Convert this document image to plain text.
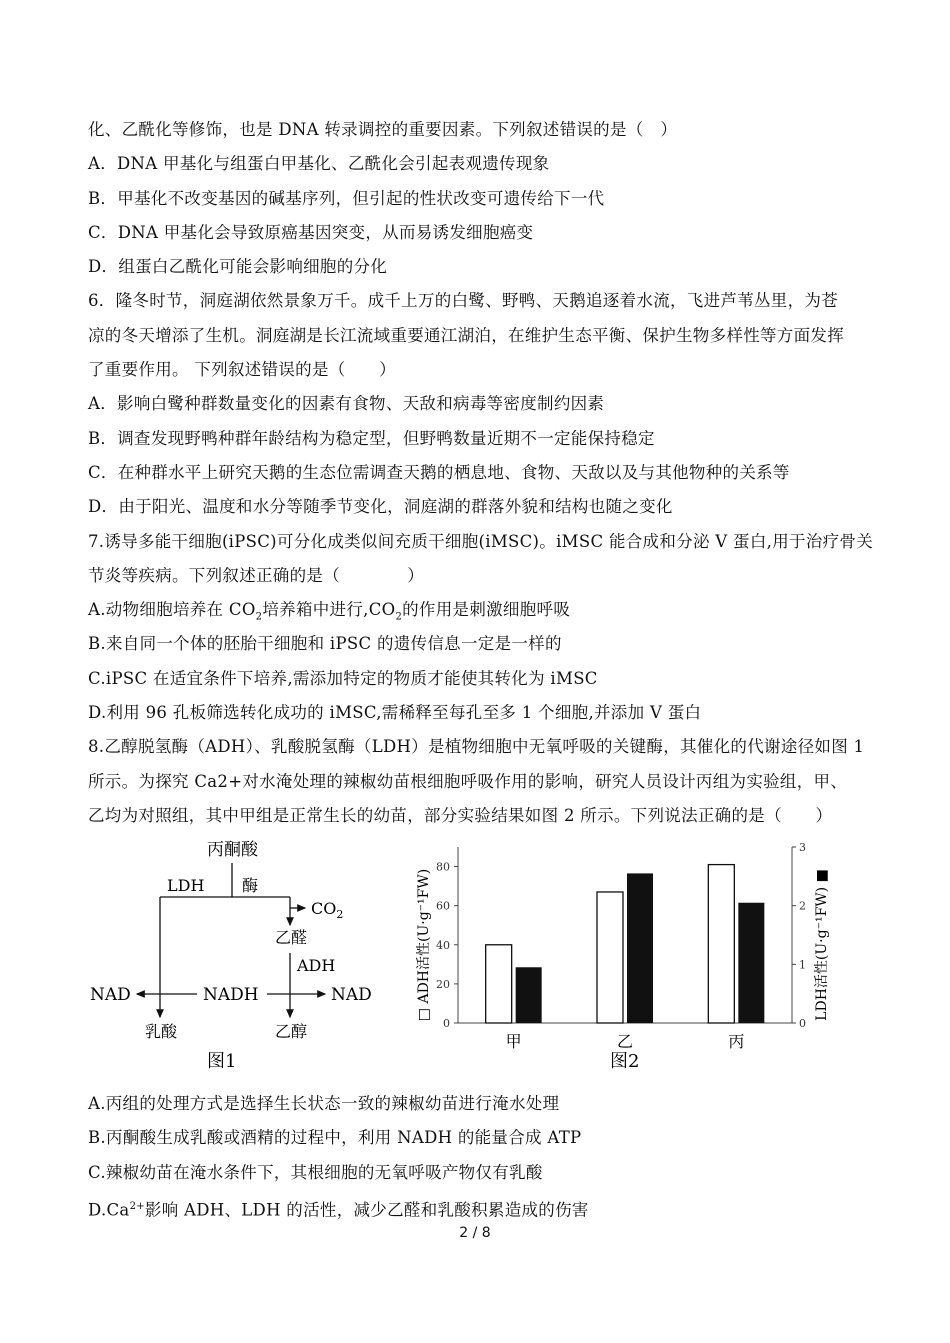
化、乙酰化等修饰，也是 DNA 转录调控的重要因素。下列叙述错误的是（　）
A．DNA 甲基化与组蛋白甲基化、乙酰化会引起表观遗传现象
B．甲基化不改变基因的碱基序列，但引起的性状改变可遗传给下一代
C．DNA 甲基化会导致原癌基因突变，从而易诱发细胞癌变
D．组蛋白乙酰化可能会影响细胞的分化
6．隆冬时节，洞庭湖依然景象万千。成千上万的白鹭、野鸭、天鹅追逐着水流，飞进芦苇丛里，为苍
凉的冬天增添了生机。洞庭湖是长江流域重要通江湖泊，在维护生态平衡、保护生物多样性等方面发挥
了重要作用。 下列叙述错误的是（　　）
A．影响白鹭种群数量变化的因素有食物、天敌和病毒等密度制约因素
B．调查发现野鸭种群年龄结构为稳定型，但野鸭数量近期不一定能保持稳定
C．在种群水平上研究天鹅的生态位需调查天鹅的栖息地、食物、天敌以及与其他物种的关系等
D．由于阳光、温度和水分等随季节变化，洞庭湖的群落外貌和结构也随之变化
7.诱导多能干细胞(iPSC)可分化成类似间充质干细胞(iMSC)。iMSC 能合成和分泌 V 蛋白,用于治疗骨关
节炎等疾病。下列叙述正确的是（　　　　）
A.动物细胞培养在 $CO_2$培养箱中进行$,CO_2$的作用是刺激细胞呼吸
B.来自同一个体的胚胎干细胞和 iPSC 的遗传信息一定是一样的
C.iPSC 在适宜条件下培养,需添加特定的物质才能使其转化为 iMSC
D.利用 96 孔板筛选转化成功的 iMSC,需稀释至每孔至多 1 个细胞,并添加 V 蛋白
8.乙醇脱氢酶（ADH）、乳酸脱氢酶（LDH）是植物细胞中无氧呼吸的关键酶，其催化的代谢途径如图 1
所示。为探究 Ca2+对水淹处理的辣椒幼苗根细胞呼吸作用的影响，研究人员设计丙组为实验组，甲、
乙均为对照组，其中甲组是正常生长的幼苗，部分实验结果如图 2 所示。下列说法正确的是（　　）
丙酮酸
LDH 酶
$CO_2$
乙醛
ADH
NAD	NADH	NAD
乳酸	乙醇
图1
□ ADH活性(U·g⁻¹FW)	LDH活性(U·g⁻¹FW) ■
图2
0
20
40
60
80
0
1
2
3
甲	乙	丙
A.丙组的处理方式是选择生长状态一致的辣椒幼苗进行淹水处理
B.丙酮酸生成乳酸或酒精的过程中，利用 NADH 的能量合成 ATP
C.辣椒幼苗在淹水条件下，其根细胞的无氧呼吸产物仅有乳酸
$D.Ca^{2+}$影响 ADH、LDH 的活性，减少乙醛和乳酸积累造成的伤害
2 / 8
